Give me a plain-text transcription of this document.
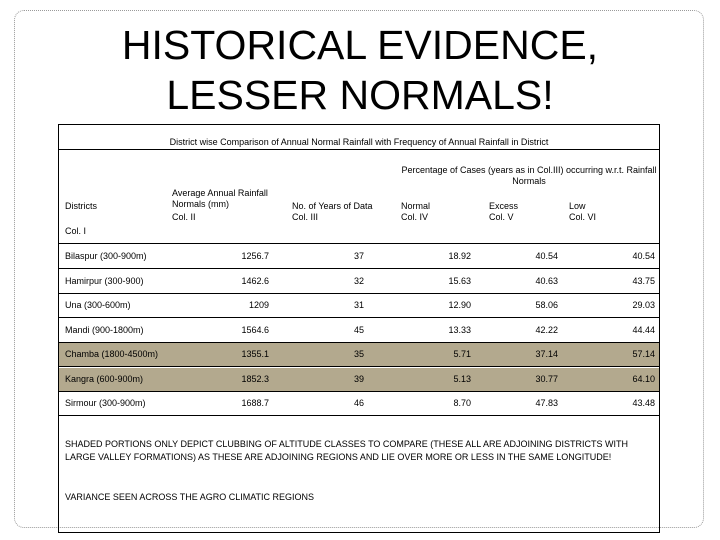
HISTORICAL EVIDENCE,
LESSER NORMALS!
District wise Comparison of Annual Normal Rainfall with Frequency of Annual Rainfall in District
Percentage of Cases (years as in Col.III) occurring w.r.t. Rainfall Normals
Districts
Col. I
Average Annual Rainfall Normals (mm)
Col. II
No. of Years of Data
Col. III
Normal
Col. IV
Excess
Col. V
Low
Col. VI
Bilaspur (300-900m)	1256.7	37	18.92	40.54	40.54
Hamirpur (300-900)	1462.6	32	15.63	40.63	43.75
Una (300-600m)	1209	31	12.90	58.06	29.03
Mandi (900-1800m)	1564.6	45	13.33	42.22	44.44
Chamba (1800-4500m)	1355.1	35	5.71	37.14	57.14
Kangra (600-900m)	1852.3	39	5.13	30.77	64.10
Sirmour (300-900m)	1688.7	46	8.70	47.83	43.48
SHADED PORTIONS ONLY DEPICT CLUBBING OF ALTITUDE CLASSES TO COMPARE (THESE ALL ARE ADJOINING DISTRICTS WITH LARGE VALLEY FORMATIONS) AS THESE ARE ADJOINING REGIONS AND LIE OVER MORE OR LESS IN THE SAME LONGITUDE!
VARIANCE SEEN ACROSS THE AGRO CLIMATIC REGIONS
